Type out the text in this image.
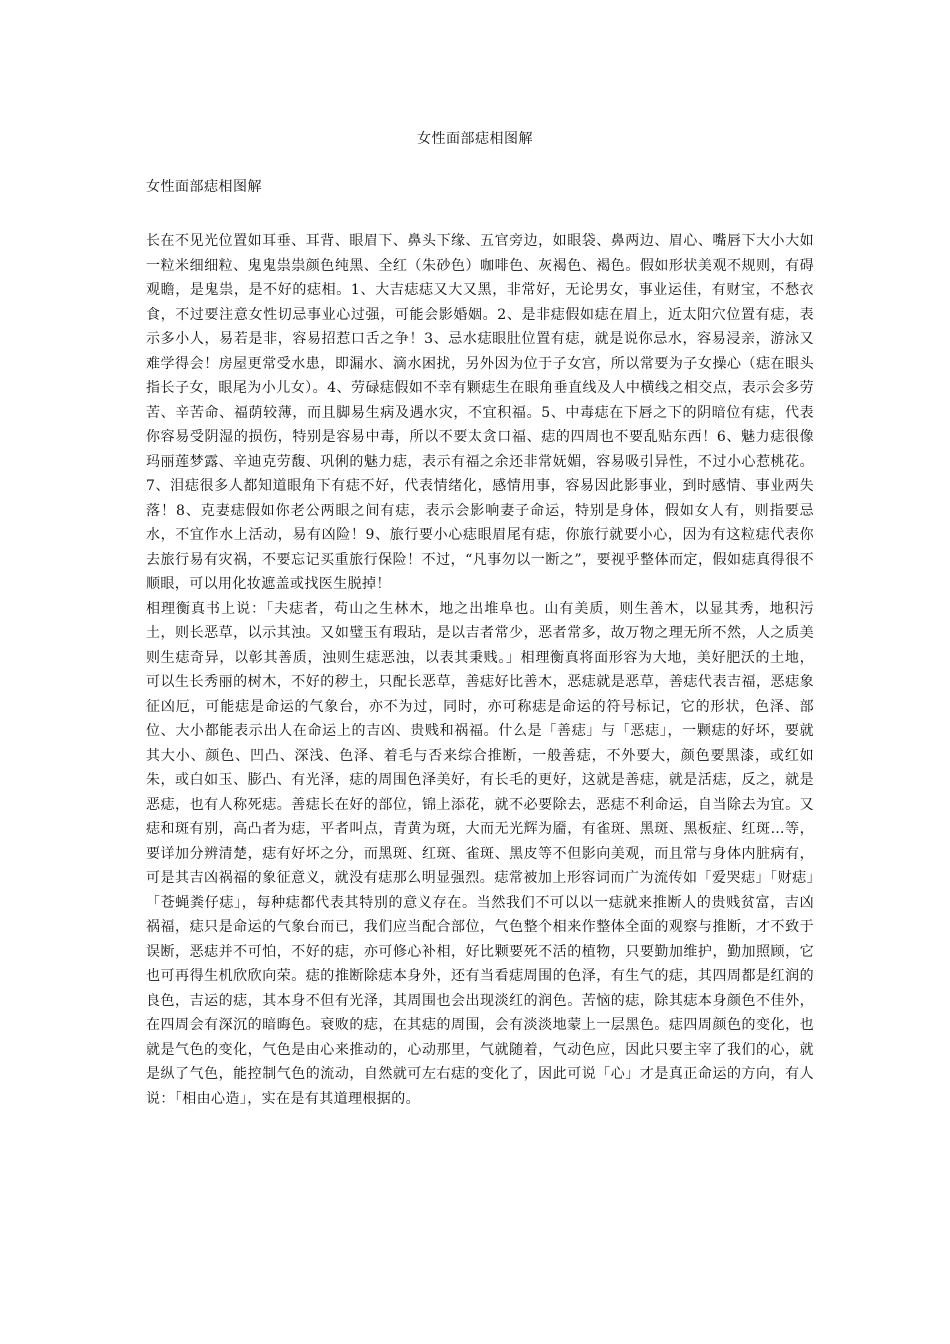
女性面部痣相图解
女性面部痣相图解

长在不见光位置如耳垂、耳背、眼眉下、鼻头下缘、五官旁边，如眼袋、鼻两边、眉心、嘴唇下大小大如一粒米细细粒、鬼鬼祟祟颜色纯黑、全红（朱砂色）咖啡色、灰褐色、褐色。假如形状美观不规则，有碍观瞻，是鬼祟，是不好的痣相。1、大吉痣痣又大又黑，非常好，无论男女，事业运佳，有财宝，不愁衣食，不过要注意女性切忌事业心过强，可能会影婚姻。2、是非痣假如痣在眉上，近太阳穴位置有痣，表示多小人，易若是非，容易招惹口舌之争！3、忌水痣眼肚位置有痣，就是说你忌水，容易浸亲，游泳又难学得会！房屋更常受水患，即漏水、滴水困扰，另外因为位于子女宫，所以常要为子女操心（痣在眼头指长子女，眼尾为小儿女）。4、劳碌痣假如不幸有颗痣生在眼角垂直线及人中横线之相交点，表示会多劳苦、辛苦命、福荫较薄，而且脚易生病及遇水灾，不宜积福。5、中毒痣在下唇之下的阴暗位有痣，代表你容易受阴湿的损伤，特别是容易中毒，所以不要太贪口福、痣的四周也不要乱贴东西！6、魅力痣很像玛丽莲梦露、辛迪克劳馥、巩俐的魅力痣，表示有福之余还非常妩媚，容易吸引异性，不过小心惹桃花。7、泪痣很多人都知道眼角下有痣不好，代表情绪化，感情用事，容易因此影事业，到时感情、事业两失落！8、克妻痣假如你老公两眼之间有痣，表示会影响妻子命运，特别是身体，假如女人有，则指要忌水，不宜作水上活动，易有凶险！9、旅行要小心痣眼眉尾有痣，你旅行就要小心，因为有这粒痣代表你去旅行易有灾祸，不要忘记买重旅行保险！不过，“凡事勿以一断之”，要视乎整体而定，假如痣真得很不顺眼，可以用化妆遮盖或找医生脱掉！

相理衡真书上说：「夫痣者，苟山之生林木，地之出堆阜也。山有美质，则生善木，以显其秀，地积污土，则长恶草，以示其浊。又如璧玉有瑕玷，是以吉者常少，恶者常多，故万物之理无所不然，人之质美则生痣奇异，以彰其善质，浊则生痣恶浊，以表其秉贱。」相理衡真将面形容为大地，美好肥沃的土地，可以生长秀丽的树木，不好的秽土，只配长恶草，善痣好比善木，恶痣就是恶草，善痣代表吉福，恶痣象征凶厄，可能痣是命运的气象台，亦不为过，同时，亦可称痣是命运的符号标记，它的形状，色泽、部位、大小都能表示出人在命运上的吉凶、贵贱和祸福。什么是「善痣」与「恶痣」，一颗痣的好坏，要就其大小、颜色、凹凸、深浅、色泽、着毛与否来综合推断，一般善痣，不外要大，颜色要黑漆，或红如朱，或白如玉、膨凸、有光泽，痣的周围色泽美好，有长毛的更好，这就是善痣，就是活痣，反之，就是恶痣，也有人称死痣。善痣长在好的部位，锦上添花，就不必要除去，恶痣不利命运，自当除去为宜。又痣和斑有别，高凸者为痣，平者叫点，青黄为斑，大而无光辉为靥，有雀斑、黑斑、黑板症、红斑…等，要详加分辨清楚，痣有好坏之分，而黑斑、红斑、雀斑、黑皮等不但影向美观，而且常与身体内脏病有，可是其吉凶祸福的象征意义，就没有痣那么明显强烈。痣常被加上形容词而广为流传如「爱哭痣」「财痣」「苍蝇粪仔痣」，每种痣都代表其特別的意义存在。当然我们不可以以一痣就来推断人的贵贱贫富，吉凶祸福，痣只是命运的气象台而已，我们应当配合部位，气色整个相来作整体全面的观察与推断，才不致于误断，恶痣并不可怕，不好的痣，亦可修心补相，好比颗要死不活的植物，只要勤加维护，勤加照顾，它也可再得生机欣欣向荣。痣的推断除痣本身外，还有当看痣周围的色泽，有生气的痣，其四周都是红润的良色，吉运的痣，其本身不但有光泽，其周围也会出现淡红的润色。苦恼的痣，除其痣本身颜色不佳外，在四周会有深沉的暗晦色。衰败的痣，在其痣的周围，会有淡淡地蒙上一层黑色。痣四周颜色的变化，也就是气色的变化，气色是由心来推动的，心动那里，气就随着，气动色应，因此只要主宰了我们的心，就是纵了气色，能控制气色的流动，自然就可左右痣的变化了，因此可说「心」才是真正命运的方向，有人说：「相由心造」，实在是有其道理根据的。
